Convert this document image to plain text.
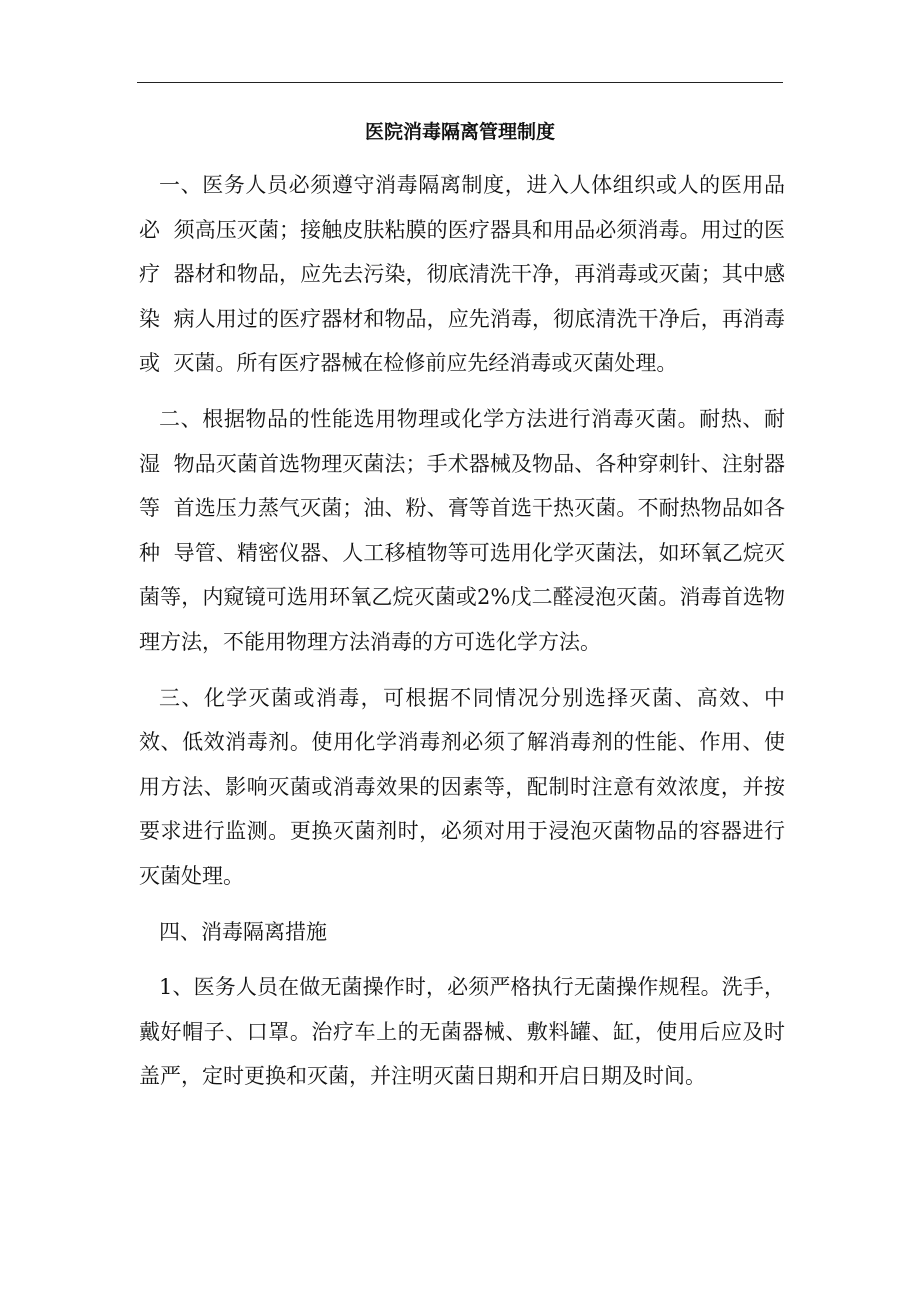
医院消毒隔离管理制度

一、医务人员必须遵守消毒隔离制度，进入人体组织或人的医用品必  须高压灭菌；接触皮肤粘膜的医疗器具和用品必须消毒。用过的医疗  器材和物品，应先去污染，彻底清洗干净，再消毒或灭菌；其中感染  病人用过的医疗器材和物品，应先消毒，彻底清洗干净后，再消毒或  灭菌。所有医疗器械在检修前应先经消毒或灭菌处理。

二、根据物品的性能选用物理或化学方法进行消毒灭菌。耐热、耐湿  物品灭菌首选物理灭菌法；手术器械及物品、各种穿刺针、注射器等  首选压力蒸气灭菌；油、粉、膏等首选干热灭菌。不耐热物品如各种  导管、精密仪器、人工移植物等可选用化学灭菌法，如环氧乙烷灭菌等，内窥镜可选用环氧乙烷灭菌或2%戊二醛浸泡灭菌。消毒首选物  理方法，不能用物理方法消毒的方可选化学方法。

三、化学灭菌或消毒，可根据不同情况分别选择灭菌、高效、中效、低效消毒剂。使用化学消毒剂必须了解消毒剂的性能、作用、使用方法、影响灭菌或消毒效果的因素等，配制时注意有效浓度，并按要求进行监测。更换灭菌剂时，必须对用于浸泡灭菌物品的容器进行灭菌处理。

四、消毒隔离措施

1、医务人员在做无菌操作时，必须严格执行无菌操作规程。洗手，戴好帽子、口罩。治疗车上的无菌器械、敷料罐、缸，使用后应及时盖严，定时更换和灭菌，并注明灭菌日期和开启日期及时间。
